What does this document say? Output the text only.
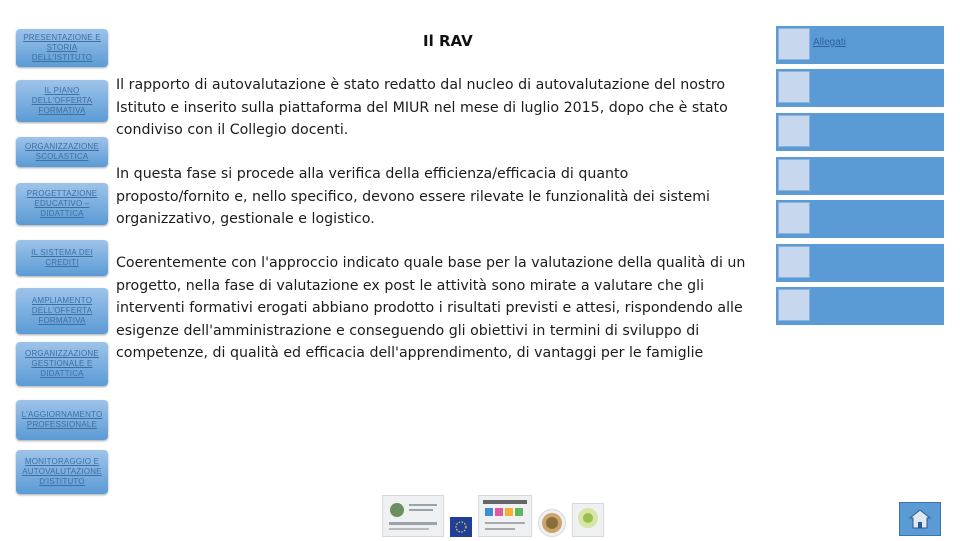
PRESENTAZIONE E STORIA DELL'ISTITUTO
IL PIANO DELL'OFFERTA FORMATIVA
ORGANIZZAZIONE SCOLASTICA
PROGETTAZIONE EDUCATIVO – DIDATTICA
IL SISTEMA DEI CREDITI
AMPLIAMENTO DELL'OFFERTA FORMATIVA
ORGANIZZAZIONE GESTIONALE E DIDATTICA
L'AGGIORNAMENTO PROFESSIONALE
MONITORAGGIO E AUTOVALUTAZIONE D'ISTITUTO
Il RAV

Il rapporto di autovalutazione è stato redatto dal nucleo di autovalutazione del nostro Istituto e inserito sulla piattaforma del MIUR nel mese di luglio 2015, dopo che è stato condiviso con il Collegio docenti.

In questa fase si procede alla verifica della efficienza/efficacia di quanto proposto/fornito e, nello specifico, devono essere rilevate le funzionalità dei sistemi organizzativo, gestionale e logistico.

Coerentemente con l'approccio indicato quale base per la valutazione della qualità di un progetto, nella fase di valutazione ex post le attività sono mirate a valutare che gli interventi formativi erogati abbiano prodotto i risultati previsti e attesi, rispondendo alle esigenze dell'amministrazione e conseguendo gli obiettivi in termini di sviluppo di competenze, di qualità ed efficacia dell'apprendimento, di vantaggi per le famiglie

Allegati
